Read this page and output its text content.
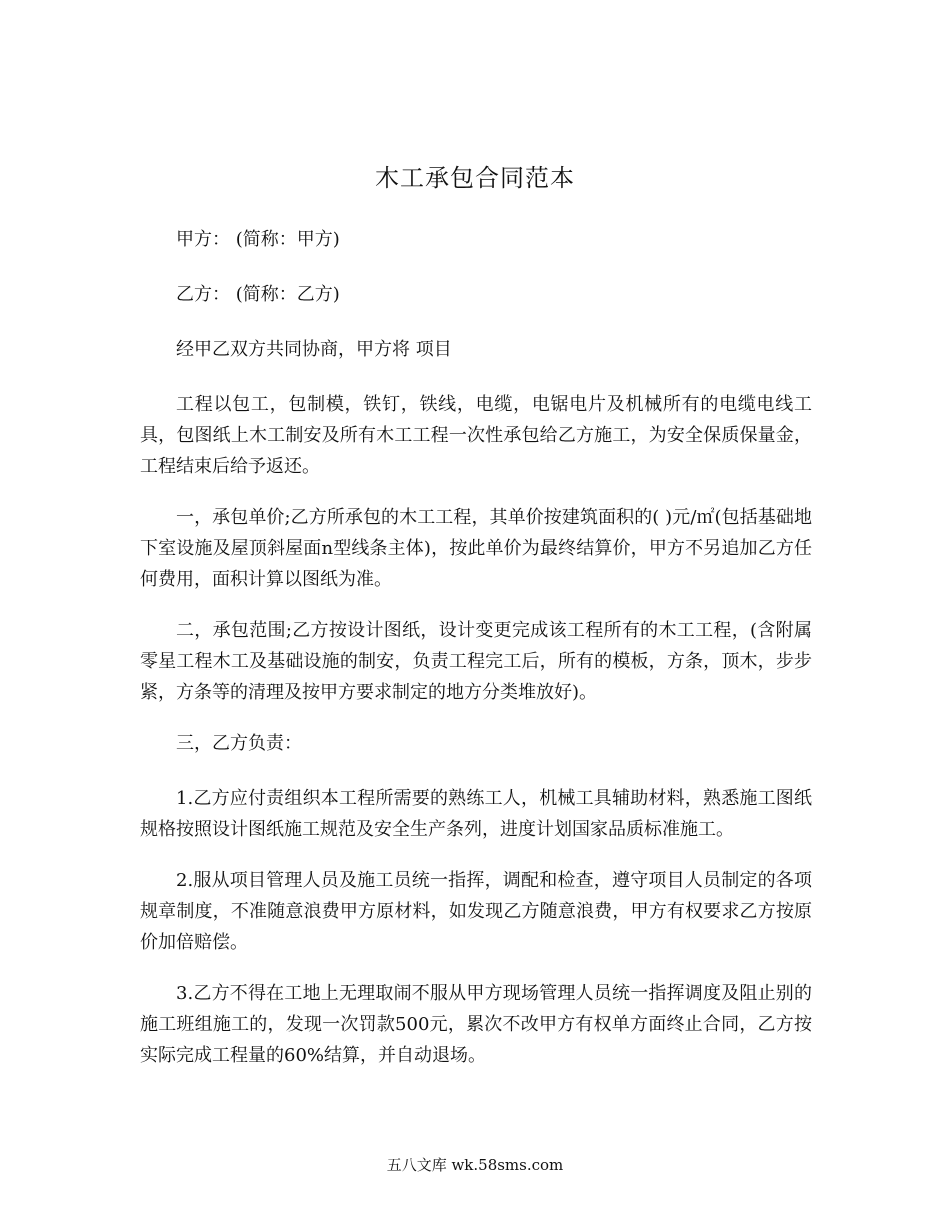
木工承包合同范本

甲方： (简称：甲方)

乙方： (简称：乙方)

经甲乙双方共同协商，甲方将 项目

工程以包工，包制模，铁钉，铁线，电缆，电锯电片及机械所有的电缆电线工具，包图纸上木工制安及所有木工工程一次性承包给乙方施工，为安全保质保量金，工程结束后给予返还。

一，承包单价;乙方所承包的木工工程，其单价按建筑面积的( )元/㎡(包括基础地下室设施及屋顶斜屋面n型线条主体)，按此单价为最终结算价，甲方不另追加乙方任何费用，面积计算以图纸为准。

二，承包范围;乙方按设计图纸，设计变更完成该工程所有的木工工程，(含附属零星工程木工及基础设施的制安，负责工程完工后，所有的模板，方条，顶木，步步紧，方条等的清理及按甲方要求制定的地方分类堆放好)。

三，乙方负责：

1.乙方应付责组织本工程所需要的熟练工人，机械工具辅助材料，熟悉施工图纸规格按照设计图纸施工规范及安全生产条列，进度计划国家品质标准施工。

2.服从项目管理人员及施工员统一指挥，调配和检查，遵守项目人员制定的各项规章制度，不准随意浪费甲方原材料，如发现乙方随意浪费，甲方有权要求乙方按原价加倍赔偿。

3.乙方不得在工地上无理取闹不服从甲方现场管理人员统一指挥调度及阻止别的施工班组施工的，发现一次罚款500元，累次不改甲方有权单方面终止合同，乙方按实际完成工程量的60%结算，并自动退场。

五八文库 wk.58sms.com
